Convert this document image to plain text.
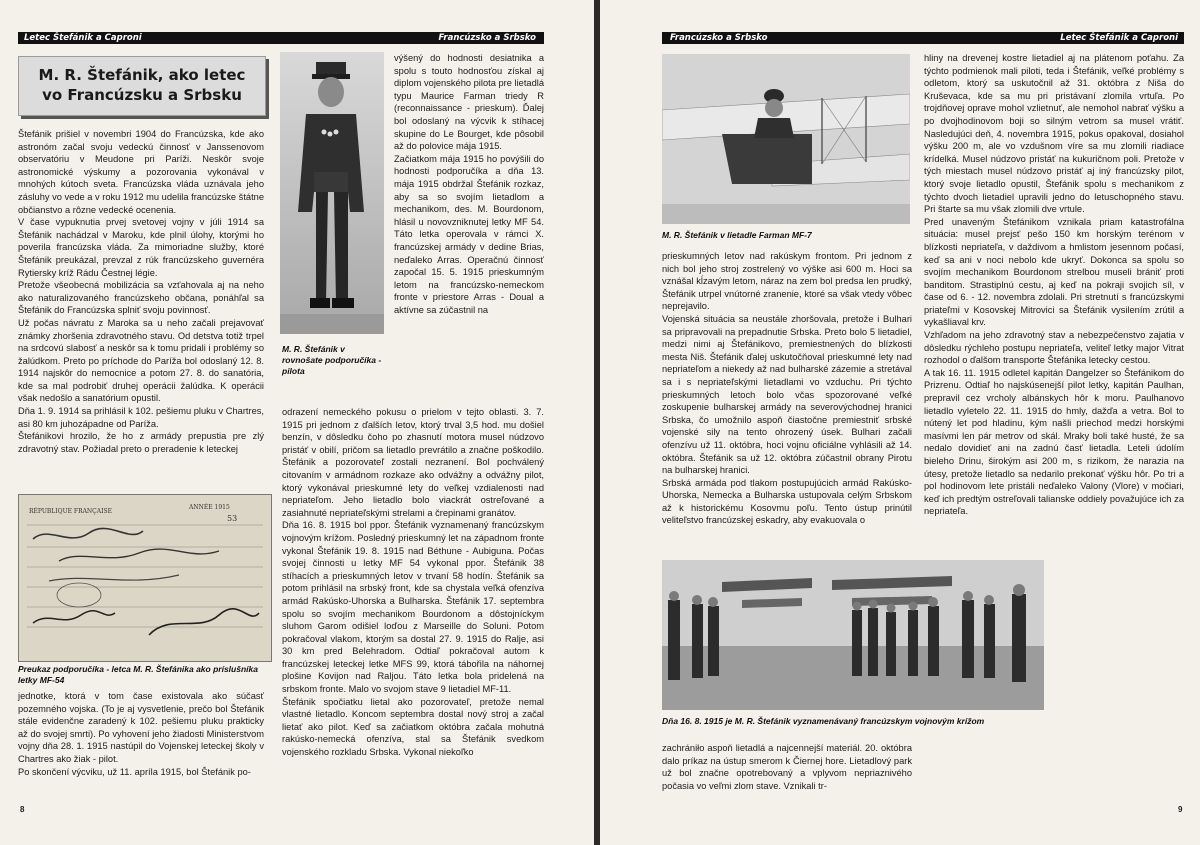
Letec Štefánik a Caproni	Francúzsko a Srbsko
M. R. Štefánik, ako letec
vo Francúzsku a Srbsku

Štefánik prišiel v novembri 1904 do Francúzska, kde ako astronóm začal svoju vedeckú činnosť v Janssenovom observatóriu v Meudone pri Paríži. Neskôr svoje astronomické výskumy a pozorovania vykonával v mnohých kútoch sveta. Francúzska vláda uznávala jeho zásluhy vo vede a v roku 1912 mu udelila francúzske štátne občianstvo a rôzne vedecké ocenenia.

V čase vypuknutia prvej svetovej vojny v júli 1914 sa Štefánik nachádzal v Maroku, kde plnil úlohy, ktorými ho poverila francúzska vláda. Za mimoriadne služby, ktoré Štefánik preukázal, prevzal z rúk francúzskeho guvernéra Rytiersky kríž Rádu Čestnej légie.

Pretože všeobecná mobilizácia sa vzťahovala aj na neho ako naturalizovaného francúzskeho občana, ponáhľal sa Štefánik do Francúzska splniť svoju povinnosť.

Už počas návratu z Maroka sa u neho začali prejavovať známky zhoršenia zdravotného stavu. Od detstva totiž trpel na srdcovú slabosť a neskôr sa k tomu pridali i problémy so žalúdkom. Preto po príchode do Paríža bol odoslaný 12. 8. 1914 najskôr do nemocnice a potom 27. 8. do sanatória, kde sa mal podrobiť druhej operácii žalúdka. K operácii však nedošlo a sanatórium opustil.

Dňa 1. 9. 1914 sa prihlásil k 102. pešiemu pluku v Chartres, asi 80 km juhozápadne od Paríža.

Štefánikovi hrozilo, že ho z armády prepustia pre zlý zdravotný stav. Požiadal preto o preradenie k leteckej

RÉPUBLIQUE FRANÇAISE
ANNÉE 1915
53
Preukaz podporučíka - letca M. R. Štefánika ako príslušníka letky MF-54

jednotke, ktorá v tom čase existovala ako súčasť pozemného vojska. (To je aj vysvetlenie, prečo bol Štefánik stále evidenčne zaradený k 102. pešiemu pluku prakticky až do svojej smrti). Po vyhovení jeho žiadosti Ministerstvom vojny dňa 28. 1. 1915 nastúpil do Vojenskej leteckej školy v Chartres ako žiak - pilot.

Po skončení výcviku, už 11. apríla 1915, bol Štefánik po-

M. R. Štefánik v rovnošate podporučíka - pilota

výšený do hodnosti desiatnika a spolu s touto hodnosťou získal aj diplom vojenského pilota pre lietadlá typu Maurice Farman triedy R (reconnaissance - prieskum). Ďalej bol odoslaný na výcvik k stíhacej skupine do Le Bourget, kde pôsobil až do polovice mája 1915.

Začiatkom mája 1915 ho povýšili do hodnosti podporučíka a dňa 13. mája 1915 obdržal Štefánik rozkaz, aby sa so svojím lietadlom a mechanikom, des. M. Bourdonom, hlásil u novovzniknutej letky MF 54. Táto letka operovala v rámci X. francúzskej armády v dedine Brias, neďaleko Arras. Operačnú činnosť započal 15. 5. 1915 prieskumným letom na francúzsko-nemeckom fronte v priestore Arras - Doual a aktívne sa zúčastnil na

odrazení nemeckého pokusu o prielom v tejto oblasti. 3. 7. 1915 pri jednom z ďalších letov, ktorý trval 3,5 hod. mu došiel benzín, v dôsledku čoho po zhasnutí motora musel núdzovo pristáť v obilí, pričom sa lietadlo prevrátilo a značne poškodilo. Štefánik a pozorovateľ zostali nezranení. Bol pochválený citovaním v armádnom rozkaze ako odvážny a odvážny pilot, ktorý vykonával prieskumné lety do veľkej vzdialenosti nad nepriateľom. Jeho lietadlo bolo viackrát ostreľované a zasiahnuté nepriateľskými strelami a črepinami granátov.

Dňa 16. 8. 1915 bol ppor. Štefánik vyznamenaný francúzskym vojnovým krížom. Posledný prieskumný let na západnom fronte vykonal Štefánik 19. 8. 1915 nad Béthune - Aubiguna. Počas svojej činnosti u letky MF 54 vykonal ppor. Štefánik 38 stíhacích a prieskumných letov v trvaní 58 hodín. Štefánik sa potom prihlásil na srbský front, kde sa chystala veľká ofenzíva armád Rakúsko-Uhorska a Bulharska. Štefánik 17. septembra spolu so svojím mechanikom Bourdonom a dôstojníckym sluhom Garom odišiel loďou z Marseille do Soluni. Potom pokračoval vlakom, ktorým sa dostal 27. 9. 1915 do Ralje, asi 30 km pred Belehradom. Odtiaľ pokračoval autom k francúzskej leteckej letke MFS 99, ktorá tábořila na náhornej plošine Kovijon nad Raljou. Táto letka bola pridelená na srbskom fronte. Malo vo svojom stave 9 lietadiel MF-11.

Štefánik spočiatku lietal ako pozorovateľ, pretože nemal vlastné lietadlo. Koncom septembra dostal nový stroj a začal lietať ako pilot. Keď sa začiatkom októbra začala mohutná rakúsko-nemecká ofenzíva, stal sa Štefánik svedkom vojenského rozkladu Srbska. Vykonal niekoľko

8
Francúzsko a Srbsko	Letec Štefánik a Caproni
M. R. Štefánik v lietadle Farman MF-7

prieskumných letov nad rakúskym frontom. Pri jednom z nich bol jeho stroj zostrelený vo výške asi 600 m. Hoci sa vznášal kĺzavým letom, náraz na zem bol predsa len prudký, Štefánik utrpel vnútorné zranenie, ktoré sa však vtedy vôbec neprejavilo.

Vojenská situácia sa neustále zhoršovala, pretože i Bulhari sa pripravovali na prepadnutie Srbska. Preto bolo 5 lietadiel, medzi nimi aj Štefánikovo, premiestnených do blízkosti mesta Niš. Štefánik ďalej uskutočňoval prieskumné lety nad nepriateľom a niekedy až nad bulharské zázemie a stretával sa i s nepriateľskými lietadlami vo vzduchu. Pri týchto prieskumných letoch bolo včas spozorované veľké zoskupenie bulharskej armády na severovýchodnej hranici Srbska, čo umožnilo aspoň čiastočne premiestniť srbské vojenské sily na tento ohrozený úsek. Bulhari začali ofenzívu už 11. októbra, hoci vojnu oficiálne vyhlásili až 14. októbra. Štefánik sa už 12. októbra zúčastnil obrany Pirotu na bulharskej hranici.

Srbská armáda pod tlakom postupujúcich armád Rakúsko-Uhorska, Nemecka a Bulharska ustupovala celým Srbskom až k historickému Kosovmu poľu. Tento ústup prinútil veliteľstvo francúzskej eskadry, aby evakuovala o

hliny na drevenej kostre lietadiel aj na plátenom poťahu. Za týchto podmienok mali piloti, teda i Štefánik, veľké problémy s odletom, ktorý sa uskutočnil až 31. októbra z Niša do Kruševaca, kde sa mu pri pristávaní zlomila vrtuľa. Po trojdňovej oprave mohol vzlietnuť, ale nemohol nabrať výšku a po dvojhodinovom boji so silným vetrom sa musel vrátiť. Nasledujúci deň, 4. novembra 1915, pokus opakoval, dosiahol výšku 200 m, ale vo vzdušnom víre sa mu zlomili riadiace krídelká. Musel núdzovo pristáť na kukuričnom poli. Pretože v tých miestach musel núdzovo pristáť aj iný francúzsky pilot, ktorý svoje lietadlo opustil, Štefánik spolu s mechanikom z týchto dvoch lietadiel upravili jedno do letuschopného stavu. Pri štarte sa mu však zlomili dve vrtule.

Pred unaveným Štefánikom vznikala priam katastrofálna situácia: musel prejsť pešo 150 km horským terénom v blízkosti nepriateľa, v daždivom a hmlistom jesennom počasí, keď sa ani v noci nebolo kde ukryť. Dokonca sa spolu so svojím mechanikom Bourdonom strelbou museli brániť proti banditom. Strastiplnú cestu, aj keď na pokraji svojich síl, v čase od 6. - 12. novembra zdolali. Pri stretnutí s francúzskymi priateľmi v Kosovskej Mitrovici sa Štefánik vysilením zrútil a vykašliaval krv.

Vzhľadom na jeho zdravotný stav a nebezpečenstvo zajatia v dôsledku rýchleho postupu nepriateľa, veliteľ letky major Vitrat rozhodol o ďalšom transporte Štefánika letecky cestou.

A tak 16. 11. 1915 odletel kapitán Dangelzer so Štefánikom do Prizrenu. Odtiaľ ho najskúsenejší pilot letky, kapitán Paulhan, prepravil cez vrcholy albánskych hôr k moru. Paulhanovo lietadlo vyletelo 22. 11. 1915 do hmly, dažďa a vetra. Bol to nútený let pod hladinu, kým našli priechod medzi horskými masívmi len pár metrov od skál. Mraky boli také husté, že sa nedalo dovidieť ani na zadnú časť lietadla. Leteli údolím bieleho Drinu, širokým asi 200 m, s rizikom, že narazia na útesy, pretože lietadlo sa nedarilo prekonať výšku hôr. Po tri a pol hodinovom lete pristáli neďaleko Valony (Vlore) v močiari, keď ich predtým ostreľovali talianske oddiely považujúce ich za nepriateľa.

Dňa 16. 8. 1915 je M. R. Štefánik vyznamenávaný francúzskym vojnovým krížom

zachrániło aspoň lietadlá a najcennejší materiál. 20. októbra dalo príkaz na ústup smerom k Čiernej hore. Lietadlový park už bol značne opotrebovaný a vplyvom nepriaznivého počasia vo veľmi zlom stave. Vznikali tr-

9
